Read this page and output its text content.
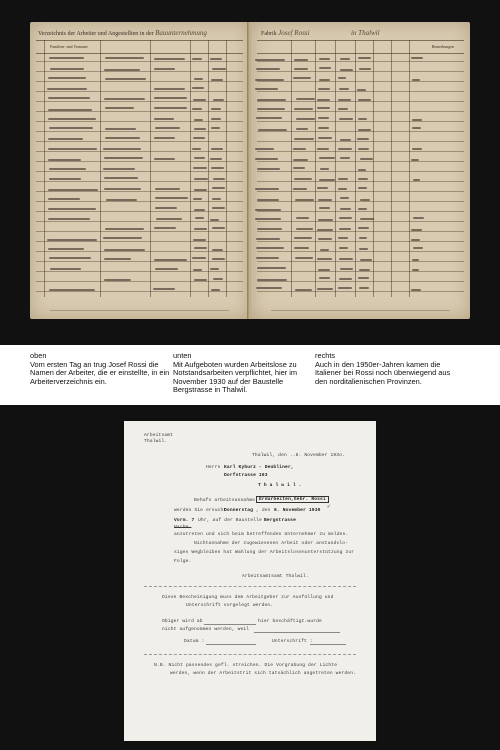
Verzeichnis der Arbeiter und Angestellten in der Bauunternehmung
Familien- und Vorname
Fabrik Josef Rossi	in Thalwil
Bemerkungen
oben
Vom ersten Tag an trug Josef Rossi die Namen der Arbeiter, die er einstellte, in ein Arbeiterverzeichnis ein.
unten
Mit Aufgeboten wurden Arbeitslose zu Notstandsarbeiten verpflichtet, hier im November 1930 auf der Baustelle Bergstrasse in Thalwil.
rechts
Auch in den 1950er-Jahren kamen die Italiener bei Rossi noch überwiegend aus den norditalienischen Provinzen.
Arbeitsamt
Thalwil.
Thalwil, den ..8. November 193o.
Herrn Karl Kyburz - Deubliner,
Dorfstrasse 103
T h a l w i l .
Behufs arbeitsannahme Erdarbeiten,Gebr. Rossi
werden Sie ersucht
Donnerstag , den 6. November 1930
✓
Vorm. 7 Uhr, auf der Baustelle Bergstrasse
Nachm.
anzutreten und sich beim betreffenden Unternehmer zu melden.
Nichtannahme der zugewiesenen Arbeit oder anstandslo-
siges Wegbleiben hat Wahlung der Arbeitslosenunterstützung zur
Folge.
Arbeitsamtsamt Thalwil.
Diese Bescheinigung muss dem Arbeitgeber zur Ausfüllung und
Unterschrift vorgelegt werden.
Obiger wird ab	hier beschäftigt.wurde
nicht aufgenommen werden, weil
Datum :	Unterschrift :
N.B. Nicht passendes gefl. streichen. Die Vorgrabung der Lichte
werden, wenn der Arbeitstrit sich tatsächlich angetreten werden.
